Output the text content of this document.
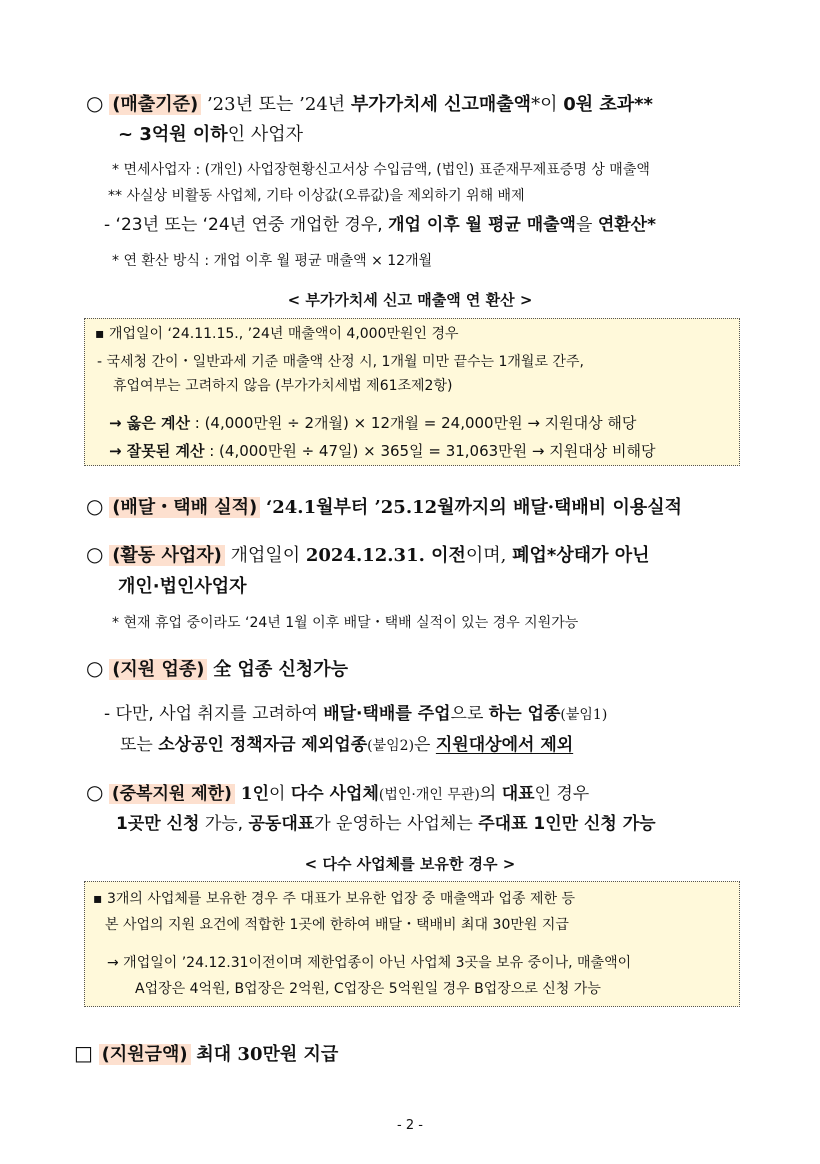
○ (매출기준) ’23년 또는 ’24년 부가가치세 신고매출액*이 0원 초과**
~ 3억원 이하인 사업자
* 면세사업자 : (개인) 사업장현황신고서상 수입금액, (법인) 표준재무제표증명 상 매출액
** 사실상 비활동 사업체, 기타 이상값(오류값)을 제외하기 위해 배제
- ‘23년 또는 ‘24년 연중 개업한 경우, 개업 이후 월 평균 매출액을 연환산*
* 연 환산 방식 : 개업 이후 월 평균 매출액 × 12개월
< 부가가치세 신고 매출액 연 환산 >
▪ 개업일이 ‘24.11.15., ’24년 매출액이 4,000만원인 경우
- 국세청 간이・일반과세 기준 매출액 산정 시, 1개월 미만 끝수는 1개월로 간주,
휴업여부는 고려하지 않음 (부가가치세법 제61조제2항)
→ 옳은 계산 : (4,000만원 ÷ 2개월) × 12개월 = 24,000만원 → 지원대상 해당
→ 잘못된 계산 : (4,000만원 ÷ 47일) × 365일 = 31,063만원 → 지원대상 비해당
○ (배달・택배 실적) ‘24.1월부터 ’25.12월까지의 배달·택배비 이용실적
○ (활동 사업자) 개업일이 2024.12.31. 이전이며, 폐업*상태가 아닌
개인·법인사업자
* 현재 휴업 중이라도 ‘24년 1월 이후 배달・택배 실적이 있는 경우 지원가능
○ (지원 업종) 全 업종 신청가능
- 다만, 사업 취지를 고려하여 배달·택배를 주업으로 하는 업종(붙임1)
또는 소상공인 정책자금 제외업종(붙임2)은 지원대상에서 제외
○ (중복지원 제한) 1인이 다수 사업체(법인·개인 무관)의 대표인 경우
1곳만 신청 가능, 공동대표가 운영하는 사업체는 주대표 1인만 신청 가능
< 다수 사업체를 보유한 경우 >
▪ 3개의 사업체를 보유한 경우 주 대표가 보유한 업장 중 매출액과 업종 제한 등
본 사업의 지원 요건에 적합한 1곳에 한하여 배달・택배비 최대 30만원 지급
→ 개업일이 ’24.12.31이전이며 제한업종이 아닌 사업체 3곳을 보유 중이나, 매출액이
A업장은 4억원, B업장은 2억원, C업장은 5억원일 경우 B업장으로 신청 가능
□ (지원금액) 최대 30만원 지급
- 2 -
